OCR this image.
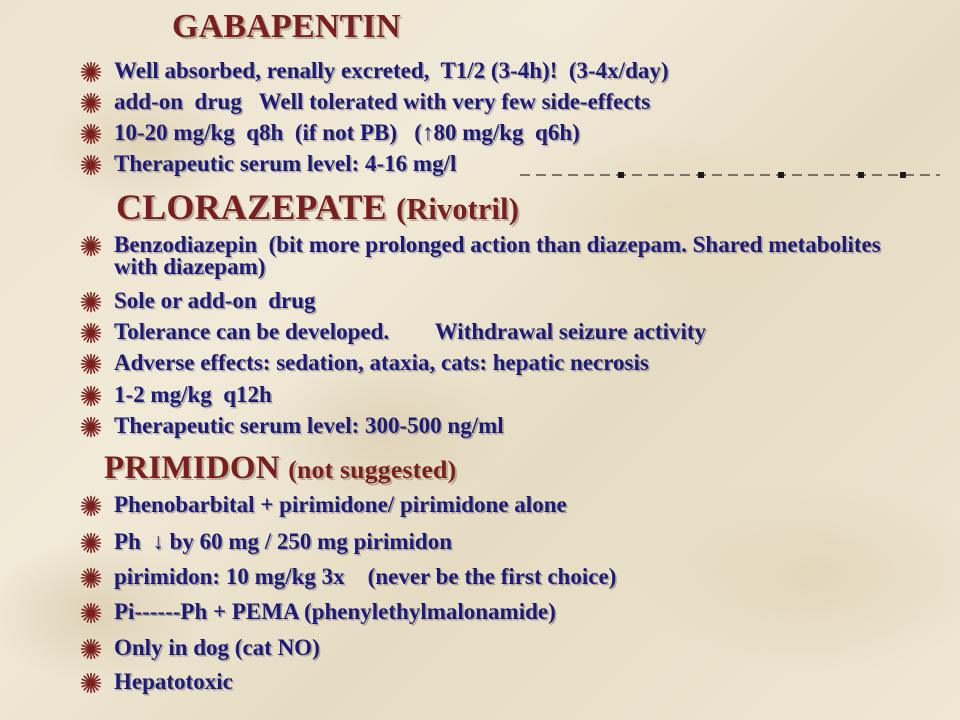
GABAPENTIN
Well absorbed, renally excreted,  T1/2 (3-4h)!  (3-4x/day)
add-on  drug   Well tolerated with very few side-effects
10-20 mg/kg  q8h  (if not PB)   (↑80 mg/kg  q6h)
Therapeutic serum level: 4-16 mg/l
CLORAZEPATE (Rivotril)
Benzodiazepin  (bit more prolonged action than diazepam. Shared metabolites with diazepam)
Sole or add-on  drug
Tolerance can be developed.        Withdrawal seizure activity
Adverse effects: sedation, ataxia, cats: hepatic necrosis
1-2 mg/kg  q12h
Therapeutic serum level: 300-500 ng/ml
PRIMIDON (not suggested)
Phenobarbital + pirimidone/ pirimidone alone
Ph  ↓ by 60 mg / 250 mg pirimidon
pirimidon: 10 mg/kg 3x    (never be the first choice)
Pi------Ph + PEMA (phenylethylmalonamide)
Only in dog (cat NO)
Hepatotoxic
